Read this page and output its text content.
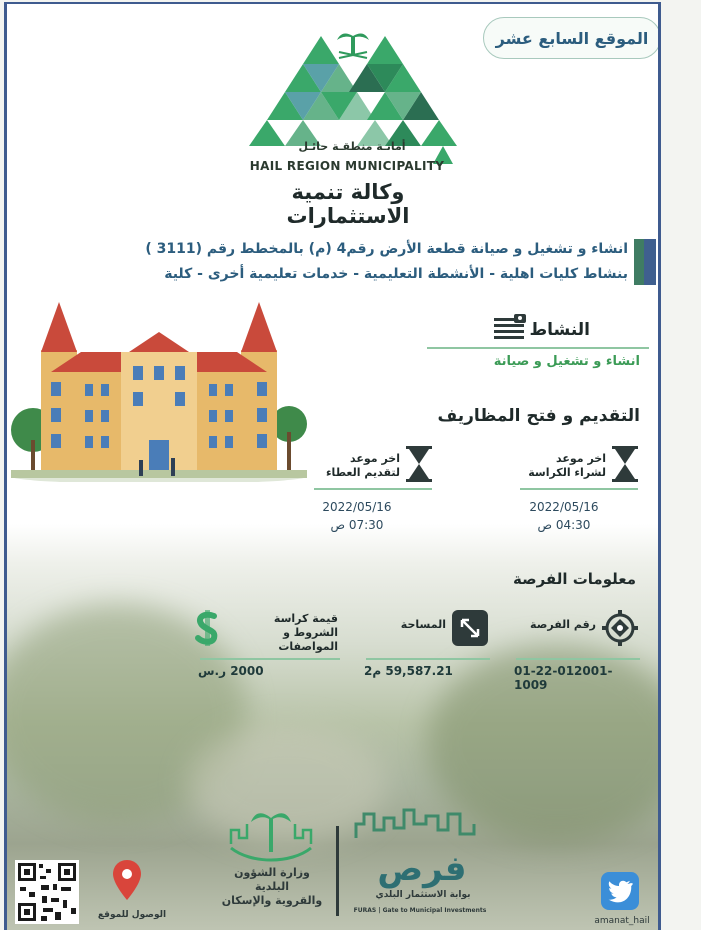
الموقع السابع عشر
أمانـة منطقـة حائـل
HAIL REGION MUNICIPALITY
وكالة تنمية الاستثمارات
انشاء و تشغيل و صيانة قطعة الأرض رقم4 (م) بالمخطط رقم (3111 )
بنشاط كليات اهلية - الأنشطة التعليمية - خدمات تعليمية أخرى - كلية
النشاط
انشاء و تشغيل و صيانة
التقديم و فتح المظاريف
اخر موعد
لشراء الكراسة
2022/05/16
04:30 ص
اخر موعد
لتقديم العطاء
2022/05/16
07:30 ص
معلومات الفرصة
رقم الفرصة
01-22-012001-1009
المساحة
59,587.21 م2
قيمة كراسة
الشروط و المواصفات
2000 ر.س
فرص
بوابة الاستثمار البلدي
FURAS | Gate to Municipal Investments
وزارة الشؤون البلدية
والقروية والإسكان
الوصول للموقع
amanat_hail
